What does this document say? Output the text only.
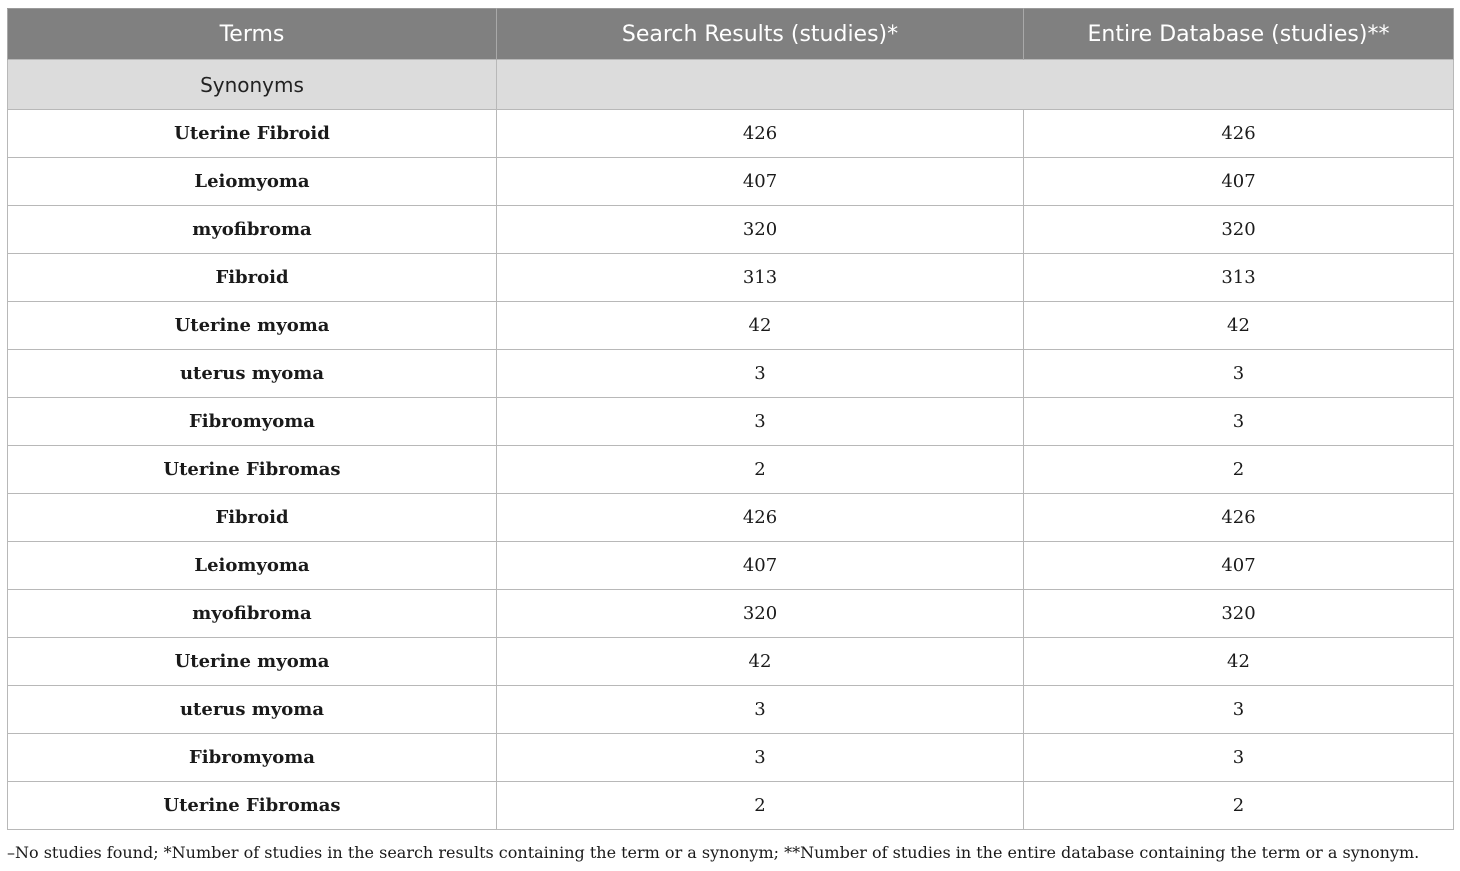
Terms	Search Results (studies)*	Entire Database (studies)**
Synonyms		
Uterine Fibroid	426	426
Leiomyoma	407	407
myofibroma	320	320
Fibroid	313	313
Uterine myoma	42	42
uterus myoma	3	3
Fibromyoma	3	3
Uterine Fibromas	2	2
Fibroid	426	426
Leiomyoma	407	407
myofibroma	320	320
Uterine myoma	42	42
uterus myoma	3	3
Fibromyoma	3	3
Uterine Fibromas	2	2
–No studies found; *Number of studies in the search results containing the term or a synonym; **Number of studies in the entire database containing the term or a synonym.
